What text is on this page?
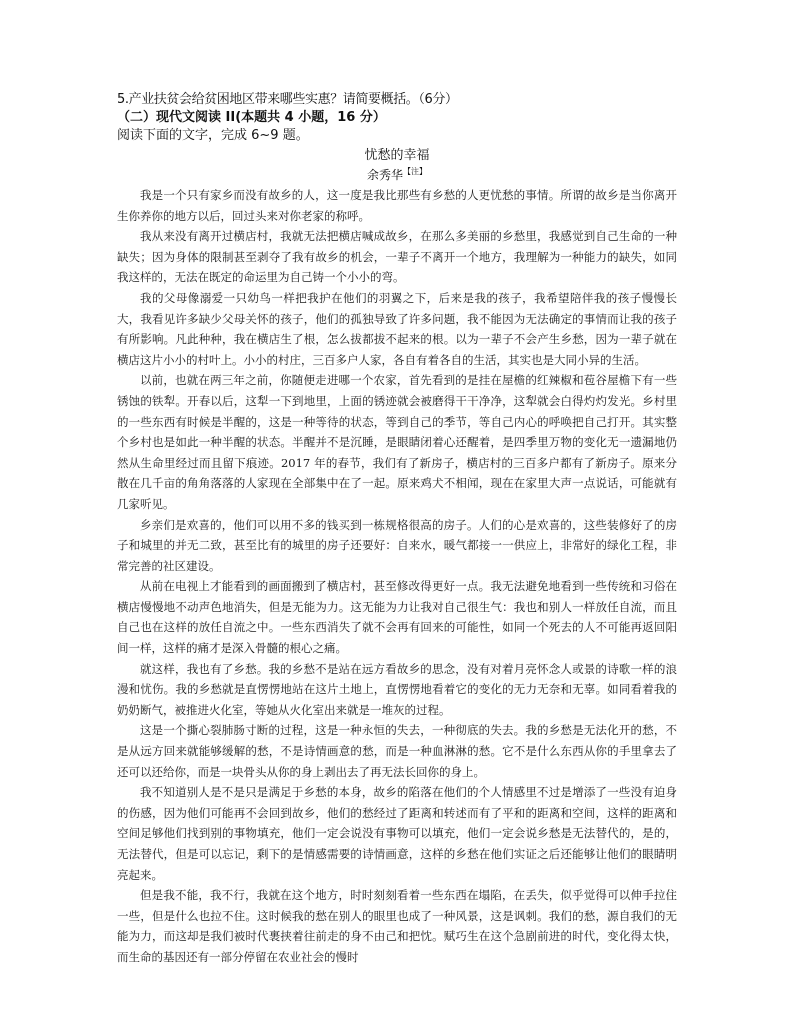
5.产业扶贫会给贫困地区带来哪些实惠？请简要概括。（6分）

（二）现代文阅读 II(本题共 4 小题，16 分）

阅读下面的文字，完成 6~9 题。

忧愁的幸福

余秀华$^{【注】}$

我是一个只有家乡而没有故乡的人，这一度是我比那些有乡愁的人更忧愁的事情。所谓的故乡是当你离开生你养你的地方以后，回过头来对你老家的称呼。

我从来没有离开过横店村，我就无法把横店喊成故乡，在那么多美丽的乡愁里，我感觉到自己生命的一种缺失；因为身体的限制甚至剥夺了我有故乡的机会，一辈子不离开一个地方，我理解为一种能力的缺失，如同我这样的，无法在既定的命运里为自己铸一个小小的弯。

我的父母像溺爱一只幼鸟一样把我护在他们的羽翼之下，后来是我的孩子，我希望陪伴我的孩子慢慢长大，我看见许多缺少父母关怀的孩子，他们的孤独导致了许多问题，我不能因为无法确定的事情而让我的孩子有所影响。凡此种种，我在横店生了根，怎么拔都拔不起来的根。以为一辈子不会产生乡愁，因为一辈子就在横店这片小小的村叶上。小小的村庄，三百多户人家，各自有着各自的生活，其实也是大同小异的生活。

以前，也就在两三年之前，你随便走进哪一个农家，首先看到的是挂在屋檐的红辣椒和苞谷屋檐下有一些锈蚀的铁犁。开春以后，这犁一下到地里，上面的锈迹就会被磨得干干净净，这犁就会白得灼灼发光。乡村里的一些东西有时候是半醒的，这是一种等待的状态，等到自己的季节，等自己内心的呼唤把自己打开。其实整个乡村也是如此一种半醒的状态。半醒并不是沉睡，是眼睛闭着心还醒着，是四季里万物的变化无一遗漏地仍然从生命里经过而且留下痕迹。2017 年的春节，我们有了新房子，横店村的三百多户都有了新房子。原来分散在几千亩的角角落落的人家现在全部集中在了一起。原来鸡犬不相闻，现在在家里大声一点说话，可能就有几家听见。

乡亲们是欢喜的，他们可以用不多的钱买到一栋规格很高的房子。人们的心是欢喜的，这些装修好了的房子和城里的并无二致，甚至比有的城里的房子还要好：自来水，暖气都接一一供应上，非常好的绿化工程，非常完善的社区建设。

从前在电视上才能看到的画面搬到了横店村，甚至修改得更好一点。我无法避免地看到一些传统和习俗在横店慢慢地不动声色地消失，但是无能为力。这无能为力让我对自己很生气：我也和别人一样放任自流，而且自己也在这样的放任自流之中。一些东西消失了就不会再有回来的可能性，如同一个死去的人不可能再返回阳间一样，这样的痛才是深入骨髓的根心之痛。

就这样，我也有了乡愁。我的乡愁不是站在远方看故乡的思念，没有对着月亮怀念人或景的诗歌一样的浪漫和忧伤。我的乡愁就是直愣愣地站在这片土地上，直愣愣地看着它的变化的无力无奈和无辜。如同看着我的奶奶断气，被推进火化室，等她从火化室出来就是一堆灰的过程。

这是一个撕心裂肺肠寸断的过程，这是一种永恒的失去，一种彻底的失去。我的乡愁是无法化开的愁，不是从远方回来就能够缓解的愁，不是诗情画意的愁，而是一种血淋淋的愁。它不是什么东西从你的手里拿去了还可以还给你，而是一块骨头从你的身上剥出去了再无法长回你的身上。

我不知道别人是不是只是满足于乡愁的本身，故乡的陷落在他们的个人情感里不过是增添了一些没有迫身的伤感，因为他们可能再不会回到故乡，他们的愁经过了距离和转述而有了平和的距离和空间，这样的距离和空间足够他们找到别的事物填充，他们一定会说没有事物可以填充，他们一定会说乡愁是无法替代的，是的，无法替代，但是可以忘记，剩下的是情感需要的诗情画意，这样的乡愁在他们实证之后还能够让他们的眼睛明亮起来。

但是我不能，我不行，我就在这个地方，时时刻刻看着一些东西在塌陷，在丢失，似乎觉得可以伸手拉住一些，但是什么也拉不住。这时候我的愁在别人的眼里也成了一种风景，这是讽刺。我们的愁，源自我们的无能为力，而这却是我们被时代裹挟着往前走的身不由己和把忱。赋巧生在这个急剧前进的时代，变化得太快，而生命的基因还有一部分停留在农业社会的慢时
